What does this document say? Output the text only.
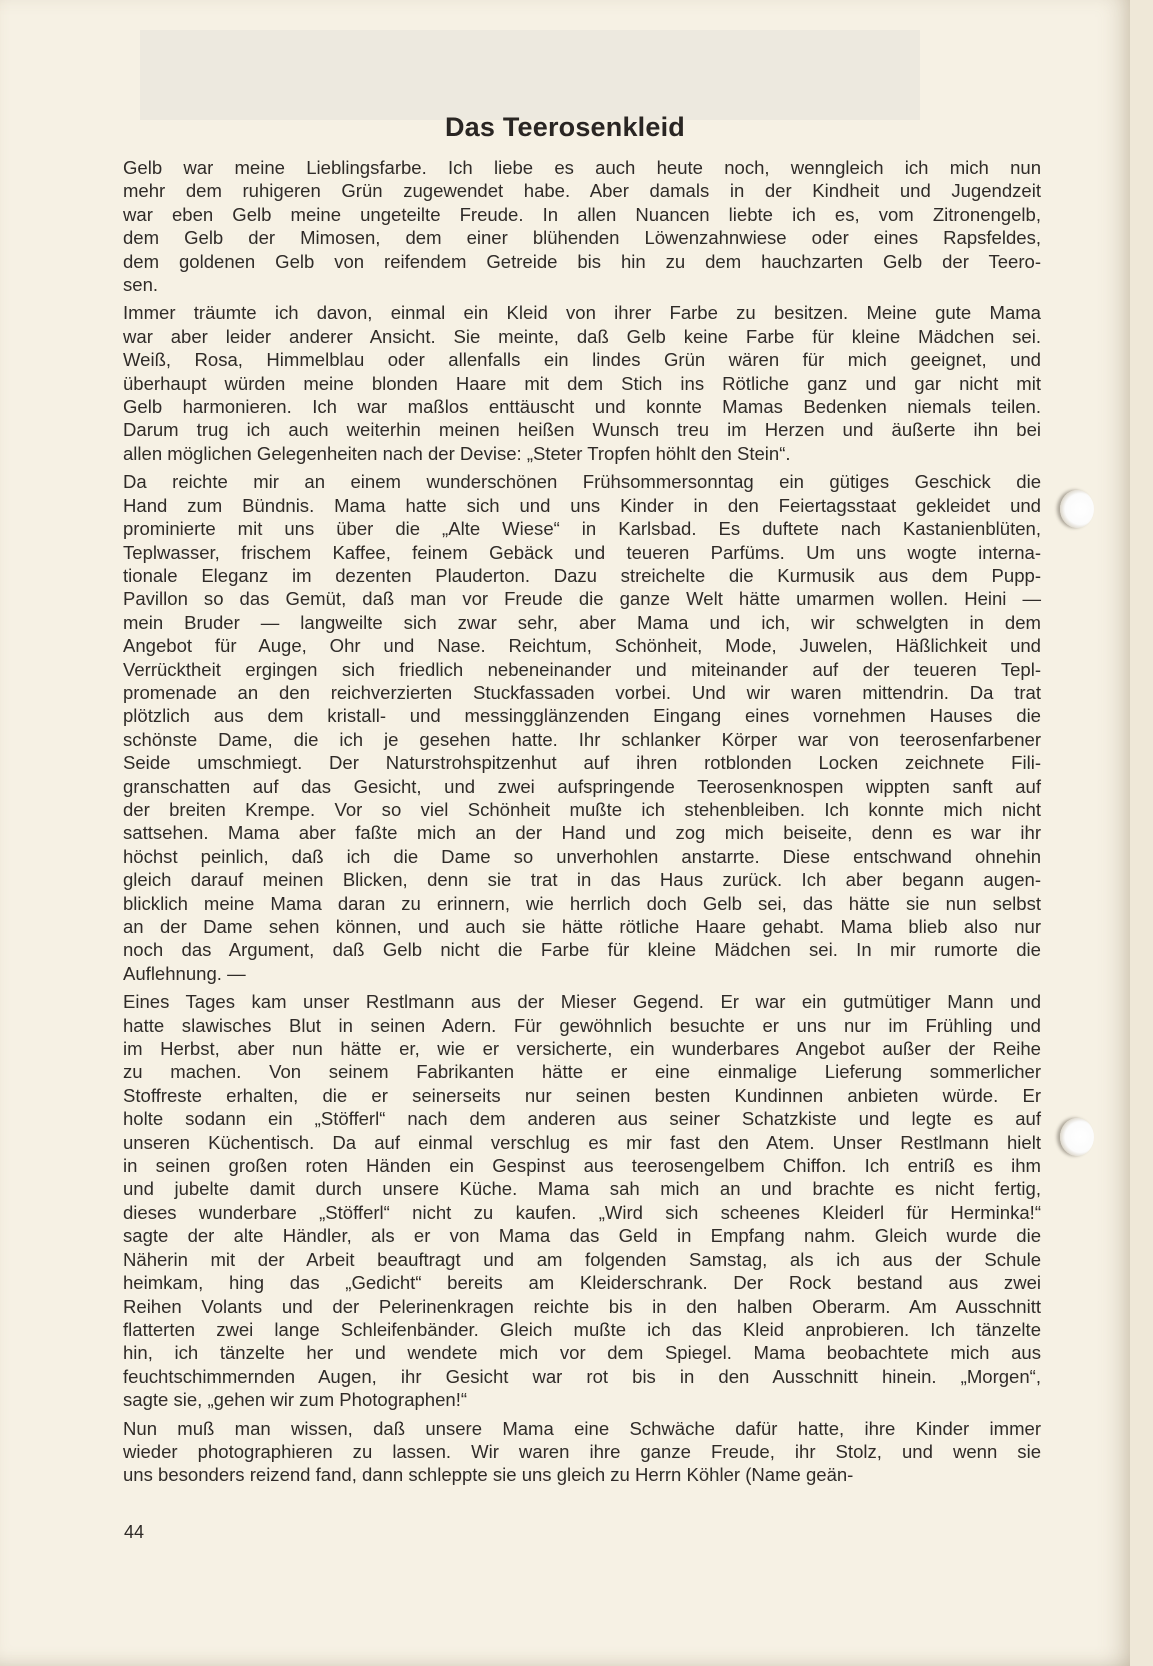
Das Teerosenkleid

Gelb war meine Lieblingsfarbe. Ich liebe es auch heute noch, wenngleich ich mich nun
mehr dem ruhigeren Grün zugewendet habe. Aber damals in der Kindheit und Jugendzeit
war eben Gelb meine ungeteilte Freude. In allen Nuancen liebte ich es, vom Zitronengelb,
dem Gelb der Mimosen, dem einer blühenden Löwenzahnwiese oder eines Rapsfeldes,
dem goldenen Gelb von reifendem Getreide bis hin zu dem hauchzarten Gelb der Teero-
sen.

Immer träumte ich davon, einmal ein Kleid von ihrer Farbe zu besitzen. Meine gute Mama
war aber leider anderer Ansicht. Sie meinte, daß Gelb keine Farbe für kleine Mädchen sei.
Weiß, Rosa, Himmelblau oder allenfalls ein lindes Grün wären für mich geeignet, und
überhaupt würden meine blonden Haare mit dem Stich ins Rötliche ganz und gar nicht mit
Gelb harmonieren. Ich war maßlos enttäuscht und konnte Mamas Bedenken niemals teilen.
Darum trug ich auch weiterhin meinen heißen Wunsch treu im Herzen und äußerte ihn bei
allen möglichen Gelegenheiten nach der Devise: „Steter Tropfen höhlt den Stein“.

Da reichte mir an einem wunderschönen Frühsommersonntag ein gütiges Geschick die
Hand zum Bündnis. Mama hatte sich und uns Kinder in den Feiertagsstaat gekleidet und
prominierte mit uns über die „Alte Wiese“ in Karlsbad. Es duftete nach Kastanienblüten,
Teplwasser, frischem Kaffee, feinem Gebäck und teueren Parfüms. Um uns wogte interna-
tionale Eleganz im dezenten Plauderton. Dazu streichelte die Kurmusik aus dem Pupp-
Pavillon so das Gemüt, daß man vor Freude die ganze Welt hätte umarmen wollen. Heini —
mein Bruder — langweilte sich zwar sehr, aber Mama und ich, wir schwelgten in dem
Angebot für Auge, Ohr und Nase. Reichtum, Schönheit, Mode, Juwelen, Häßlichkeit und
Verrücktheit ergingen sich friedlich nebeneinander und miteinander auf der teueren Tepl-
promenade an den reichverzierten Stuckfassaden vorbei. Und wir waren mittendrin. Da trat
plötzlich aus dem kristall- und messingglänzenden Eingang eines vornehmen Hauses die
schönste Dame, die ich je gesehen hatte. Ihr schlanker Körper war von teerosenfarbener
Seide umschmiegt. Der Naturstrohspitzenhut auf ihren rotblonden Locken zeichnete Fili-
granschatten auf das Gesicht, und zwei aufspringende Teerosenknospen wippten sanft auf
der breiten Krempe. Vor so viel Schönheit mußte ich stehenbleiben. Ich konnte mich nicht
sattsehen. Mama aber faßte mich an der Hand und zog mich beiseite, denn es war ihr
höchst peinlich, daß ich die Dame so unverhohlen anstarrte. Diese entschwand ohnehin
gleich darauf meinen Blicken, denn sie trat in das Haus zurück. Ich aber begann augen-
blicklich meine Mama daran zu erinnern, wie herrlich doch Gelb sei, das hätte sie nun selbst
an der Dame sehen können, und auch sie hätte rötliche Haare gehabt. Mama blieb also nur
noch das Argument, daß Gelb nicht die Farbe für kleine Mädchen sei. In mir rumorte die
Auflehnung. —

Eines Tages kam unser Restlmann aus der Mieser Gegend. Er war ein gutmütiger Mann und
hatte slawisches Blut in seinen Adern. Für gewöhnlich besuchte er uns nur im Frühling und
im Herbst, aber nun hätte er, wie er versicherte, ein wunderbares Angebot außer der Reihe
zu machen. Von seinem Fabrikanten hätte er eine einmalige Lieferung sommerlicher
Stoffreste erhalten, die er seinerseits nur seinen besten Kundinnen anbieten würde. Er
holte sodann ein „Stöfferl“ nach dem anderen aus seiner Schatzkiste und legte es auf
unseren Küchentisch. Da auf einmal verschlug es mir fast den Atem. Unser Restlmann hielt
in seinen großen roten Händen ein Gespinst aus teerosengelbem Chiffon. Ich entriß es ihm
und jubelte damit durch unsere Küche. Mama sah mich an und brachte es nicht fertig,
dieses wunderbare „Stöfferl“ nicht zu kaufen. „Wird sich scheenes Kleiderl für Herminka!“
sagte der alte Händler, als er von Mama das Geld in Empfang nahm. Gleich wurde die
Näherin mit der Arbeit beauftragt und am folgenden Samstag, als ich aus der Schule
heimkam, hing das „Gedicht“ bereits am Kleiderschrank. Der Rock bestand aus zwei
Reihen Volants und der Pelerinenkragen reichte bis in den halben Oberarm. Am Ausschnitt
flatterten zwei lange Schleifenbänder. Gleich mußte ich das Kleid anprobieren. Ich tänzelte
hin, ich tänzelte her und wendete mich vor dem Spiegel. Mama beobachtete mich aus
feuchtschimmernden Augen, ihr Gesicht war rot bis in den Ausschnitt hinein. „Morgen“,
sagte sie, „gehen wir zum Photographen!“

Nun muß man wissen, daß unsere Mama eine Schwäche dafür hatte, ihre Kinder immer
wieder photographieren zu lassen. Wir waren ihre ganze Freude, ihr Stolz, und wenn sie
uns besonders reizend fand, dann schleppte sie uns gleich zu Herrn Köhler (Name geän-

44
